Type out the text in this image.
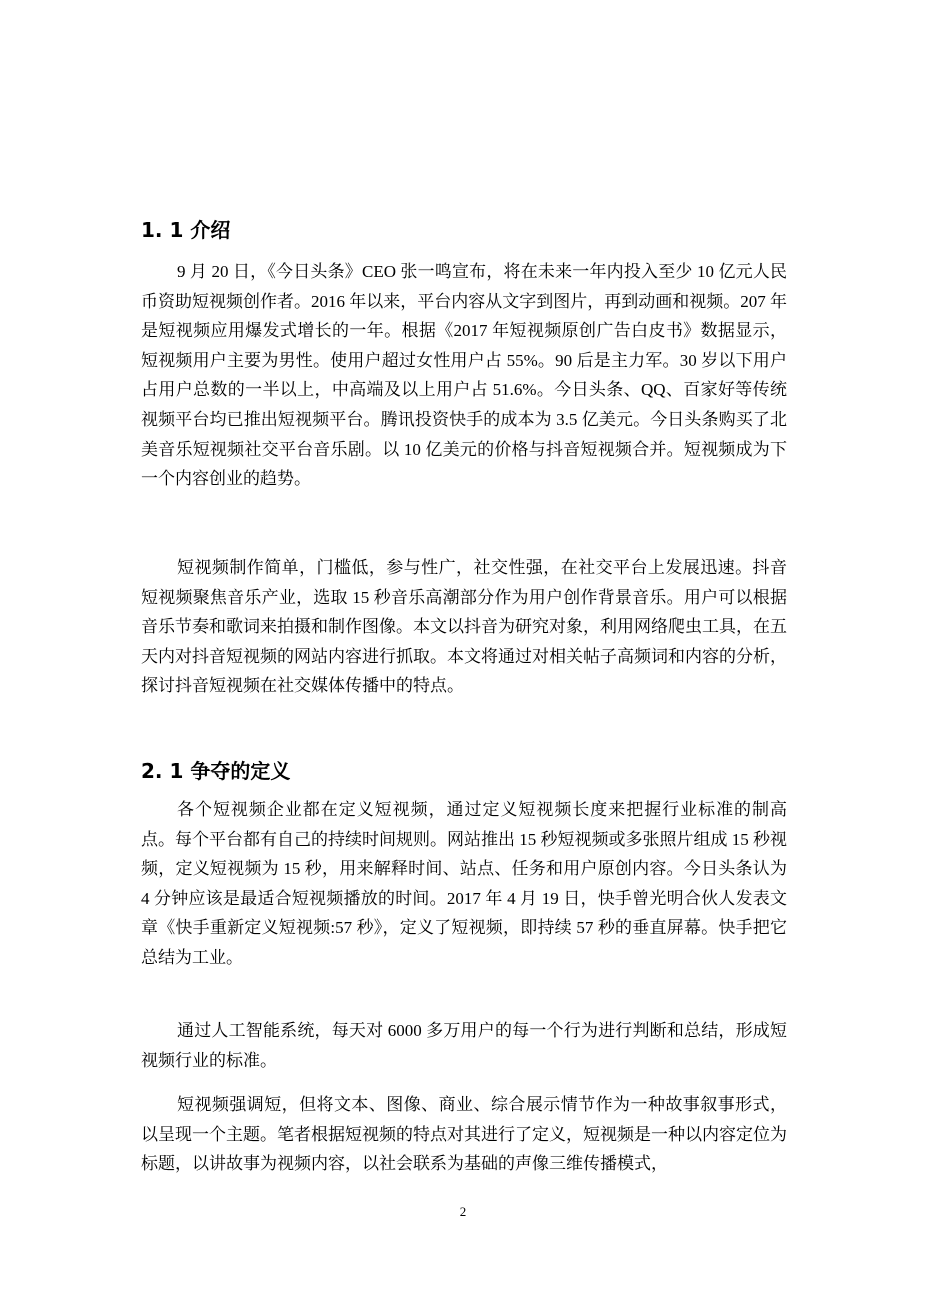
1. 1 介绍

9 月 20 日，《今日头条》CEO 张一鸣宣布，将在未来一年内投入至少 10 亿元人民币资助短视频创作者。2016 年以来，平台内容从文字到图片，再到动画和视频。207 年是短视频应用爆发式增长的一年。根据《2017 年短视频原创广告白皮书》数据显示，短视频用户主要为男性。使用户超过女性用户占 55%。90 后是主力军。30 岁以下用户占用户总数的一半以上，中高端及以上用户占 51.6%。今日头条、QQ、百家好等传统视频平台均已推出短视频平台。腾讯投资快手的成本为 3.5 亿美元。今日头条购买了北美音乐短视频社交平台音乐剧。以 10 亿美元的价格与抖音短视频合并。短视频成为下一个内容创业的趋势。

短视频制作简单，门槛低，参与性广，社交性强，在社交平台上发展迅速。抖音短视频聚焦音乐产业，选取 15 秒音乐高潮部分作为用户创作背景音乐。用户可以根据音乐节奏和歌词来拍摄和制作图像。本文以抖音为研究对象，利用网络爬虫工具，在五天内对抖音短视频的网站内容进行抓取。本文将通过对相关帖子高频词和内容的分析，探讨抖音短视频在社交媒体传播中的特点。

2. 1 争夺的定义

各个短视频企业都在定义短视频，通过定义短视频长度来把握行业标准的制高点。每个平台都有自己的持续时间规则。网站推出 15 秒短视频或多张照片组成 15 秒视频，定义短视频为 15 秒，用来解释时间、站点、任务和用户原创内容。今日头条认为 4 分钟应该是最适合短视频播放的时间。2017 年 4 月 19 日，快手曾光明合伙人发表文章《快手重新定义短视频:57 秒》，定义了短视频，即持续 57 秒的垂直屏幕。快手把它总结为工业。

通过人工智能系统，每天对 6000 多万用户的每一个行为进行判断和总结，形成短视频行业的标准。

短视频强调短，但将文本、图像、商业、综合展示情节作为一种故事叙事形式，以呈现一个主题。笔者根据短视频的特点对其进行了定义，短视频是一种以内容定位为标题，以讲故事为视频内容，以社会联系为基础的声像三维传播模式，

2
